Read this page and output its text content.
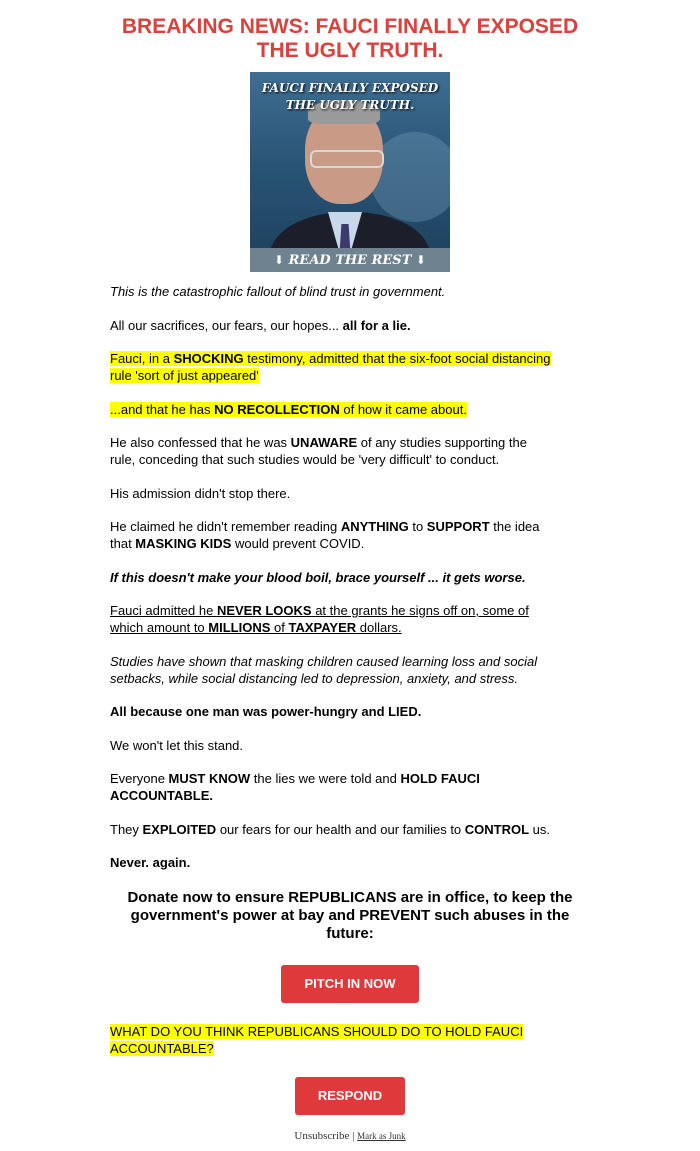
BREAKING NEWS: FAUCI FINALLY EXPOSED
THE UGLY TRUTH.
FAUCI FINALLY EXPOSED
THE UGLY TRUTH.
⬇ READ THE REST ⬇

This is the catastrophic fallout of blind trust in government.

All our sacrifices, our fears, our hopes... all for a lie.

Fauci, in a SHOCKING testimony, admitted that the six-foot social distancing
rule 'sort of just appeared'

...and that he has NO RECOLLECTION of how it came about.

He also confessed that he was UNAWARE of any studies supporting the
rule, conceding that such studies would be 'very difficult' to conduct.

His admission didn't stop there.

He claimed he didn't remember reading ANYTHING to SUPPORT the idea
that MASKING KIDS would prevent COVID.

If this doesn't make your blood boil, brace yourself ... it gets worse.

Fauci admitted he NEVER LOOKS at the grants he signs off on, some of
which amount to MILLIONS of TAXPAYER dollars.

Studies have shown that masking children caused learning loss and social
setbacks, while social distancing led to depression, anxiety, and stress.

All because one man was power-hungry and LIED.

We won't let this stand.

Everyone MUST KNOW the lies we were told and HOLD FAUCI
ACCOUNTABLE.

They EXPLOITED our fears for our health and our families to CONTROL us.

Never. again.

Donate now to ensure REPUBLICANS are in office, to keep the
government's power at bay and PREVENT such abuses in the
future:
PITCH IN NOW

WHAT DO YOU THINK REPUBLICANS SHOULD DO TO HOLD FAUCI
ACCOUNTABLE?

RESPOND
Unsubscribe | Mark as Junk
